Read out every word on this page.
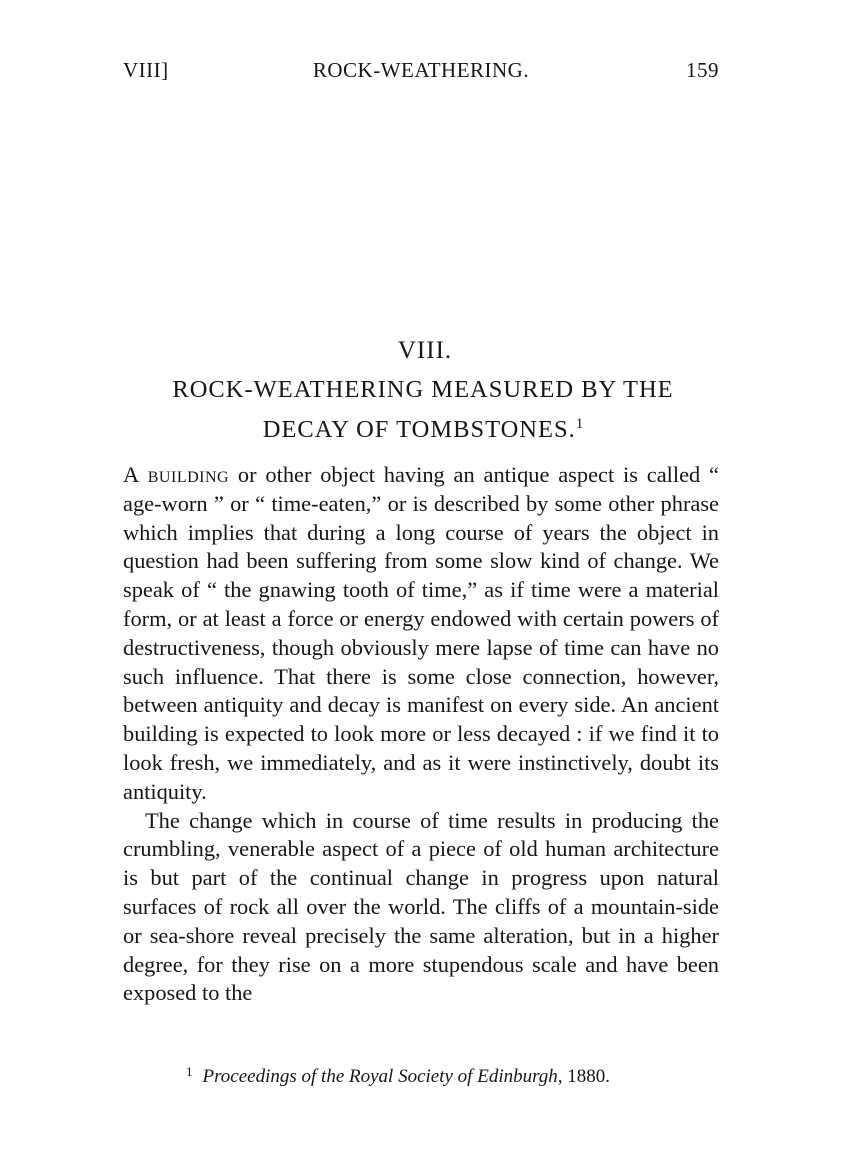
VIII]	ROCK-WEATHERING.	159
VIII.
ROCK-WEATHERING MEASURED BY THE
DECAY OF TOMBSTONES.$^1$

A building or other object having an antique aspect is called “ age-worn ” or “ time-eaten,” or is described by some other phrase which implies that during a long course of years the object in question had been suffering from some slow kind of change. We speak of “ the gnawing tooth of time,” as if time were a material form, or at least a force or energy endowed with certain powers of destructiveness, though obviously mere lapse of time can have no such influence. That there is some close connection, however, between antiquity and decay is manifest on every side. An ancient building is expected to look more or less decayed : if we find it to look fresh, we immediately, and as it were instinctively, doubt its antiquity.

The change which in course of time results in producing the crumbling, venerable aspect of a piece of old human architecture is but part of the continual change in progress upon natural surfaces of rock all over the world. The cliffs of a mountain-side or sea-shore reveal precisely the same alteration, but in a higher degree, for they rise on a more stupendous scale and have been exposed to the

$^1$ Proceedings of the Royal Society of Edinburgh, 1880.
